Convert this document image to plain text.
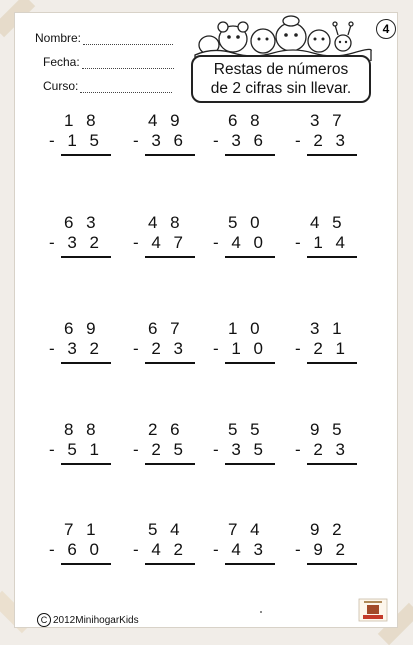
Nombre:
Fecha:
Curso:
4
Restas de números
de 2 cifras sin llevar.
1 8
- 1 5
4 9
- 3 6
6 8
- 3 6
3 7
- 2 3
6 3
- 3 2
4 8
- 4 7
5 0
- 4 0
4 5
- 1 4
6 9
- 3 2
6 7
- 2 3
1 0
- 1 0
3 1
- 2 1
8 8
- 5 1
2 6
- 2 5
5 5
- 3 5
9 5
- 2 3
7 1
- 6 0
5 4
- 4 2
7 4
- 4 3
9 2
- 9 2
C 2012MinihogarKids
